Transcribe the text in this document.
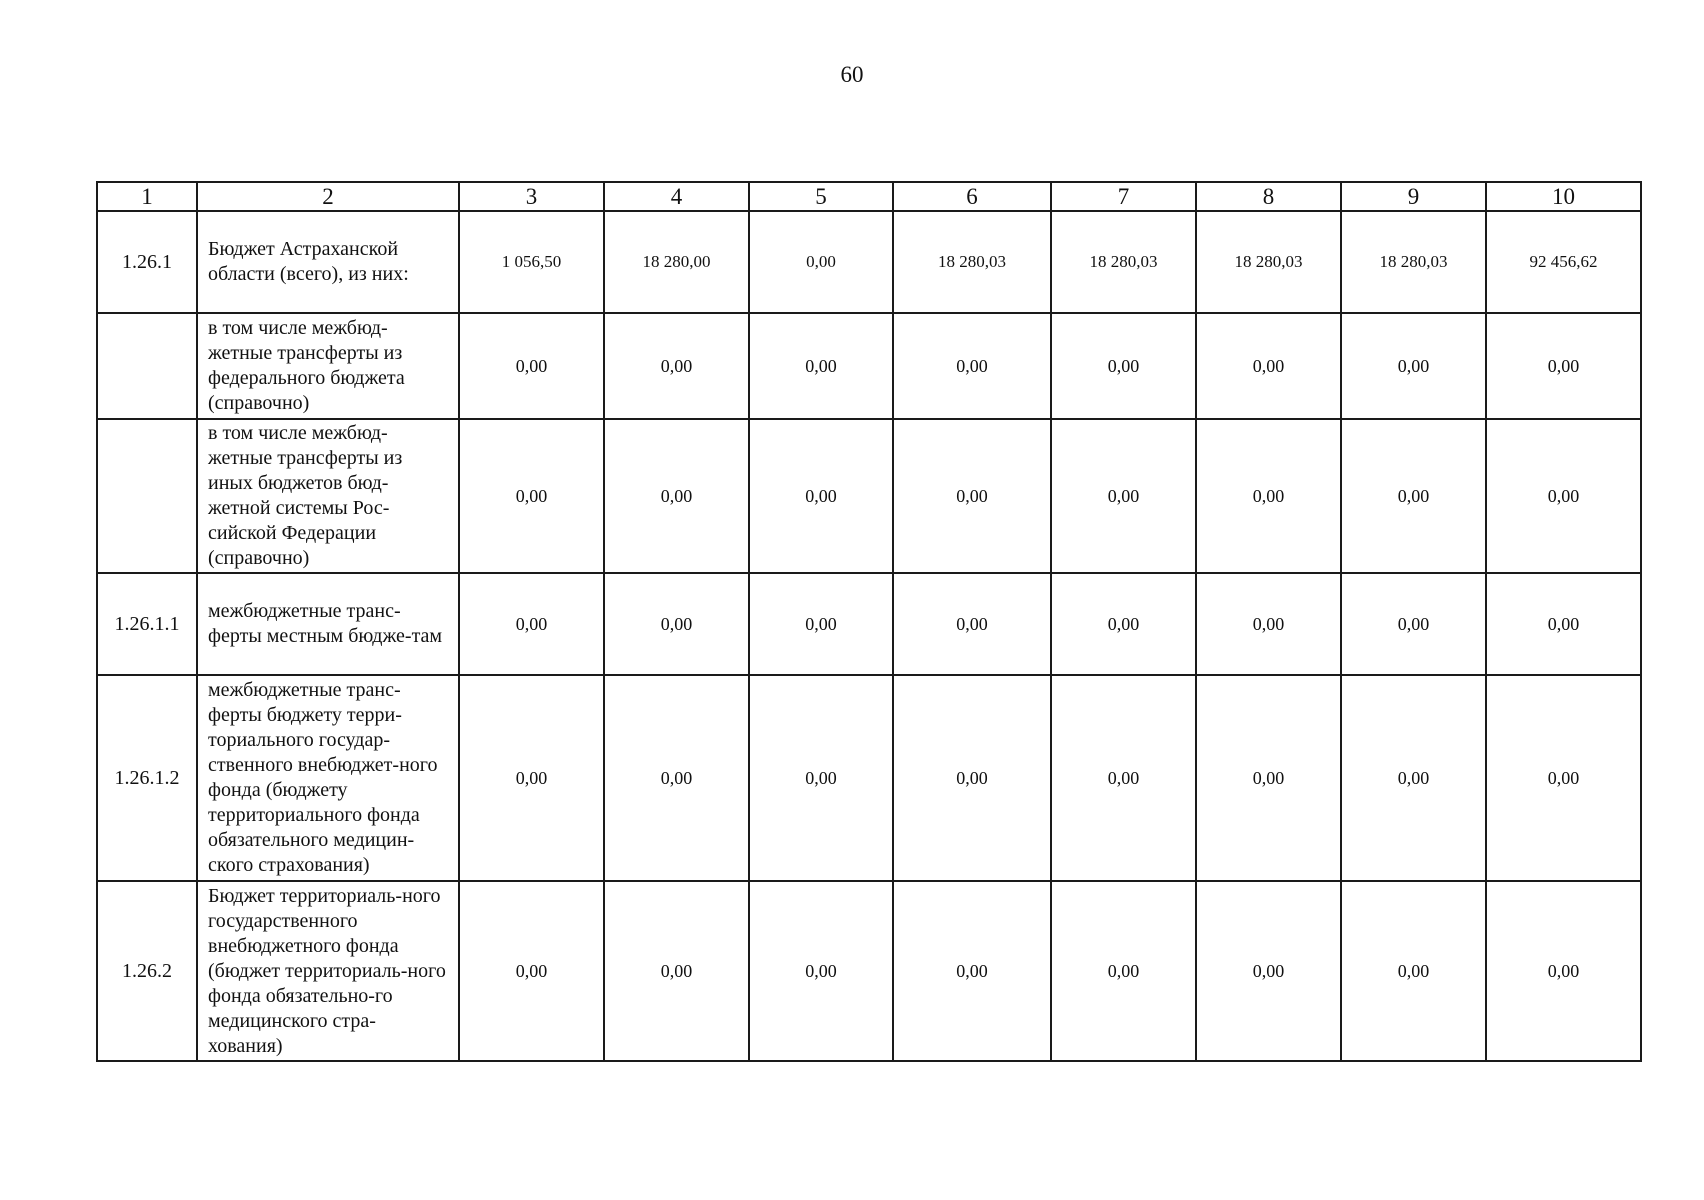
60
1	2	3	4	5	6	7	8	9	10
1.26.1	Бюджет Астраханской области (всего), из них:	1 056,50	18 280,00	0,00	18 280,03	18 280,03	18 280,03	18 280,03	92 456,62
	в том числе межбюд-жетные трансферты из федерального бюджета (справочно)	0,00	0,00	0,00	0,00	0,00	0,00	0,00	0,00
	в том числе межбюд-жетные трансферты из иных бюджетов бюд-жетной системы Рос-сийской Федерации (справочно)	0,00	0,00	0,00	0,00	0,00	0,00	0,00	0,00
1.26.1.1	межбюджетные транс-ферты местным бюдже-там	0,00	0,00	0,00	0,00	0,00	0,00	0,00	0,00
1.26.1.2	межбюджетные транс-ферты бюджету терри-ториального государ-ственного внебюджет-ного фонда (бюджету территориального фонда обязательного медицин-ского страхования)	0,00	0,00	0,00	0,00	0,00	0,00	0,00	0,00
1.26.2	Бюджет территориаль-ного государственного внебюджетного фонда (бюджет территориаль-ного фонда обязательно-го медицинского стра-хования)	0,00	0,00	0,00	0,00	0,00	0,00	0,00	0,00
